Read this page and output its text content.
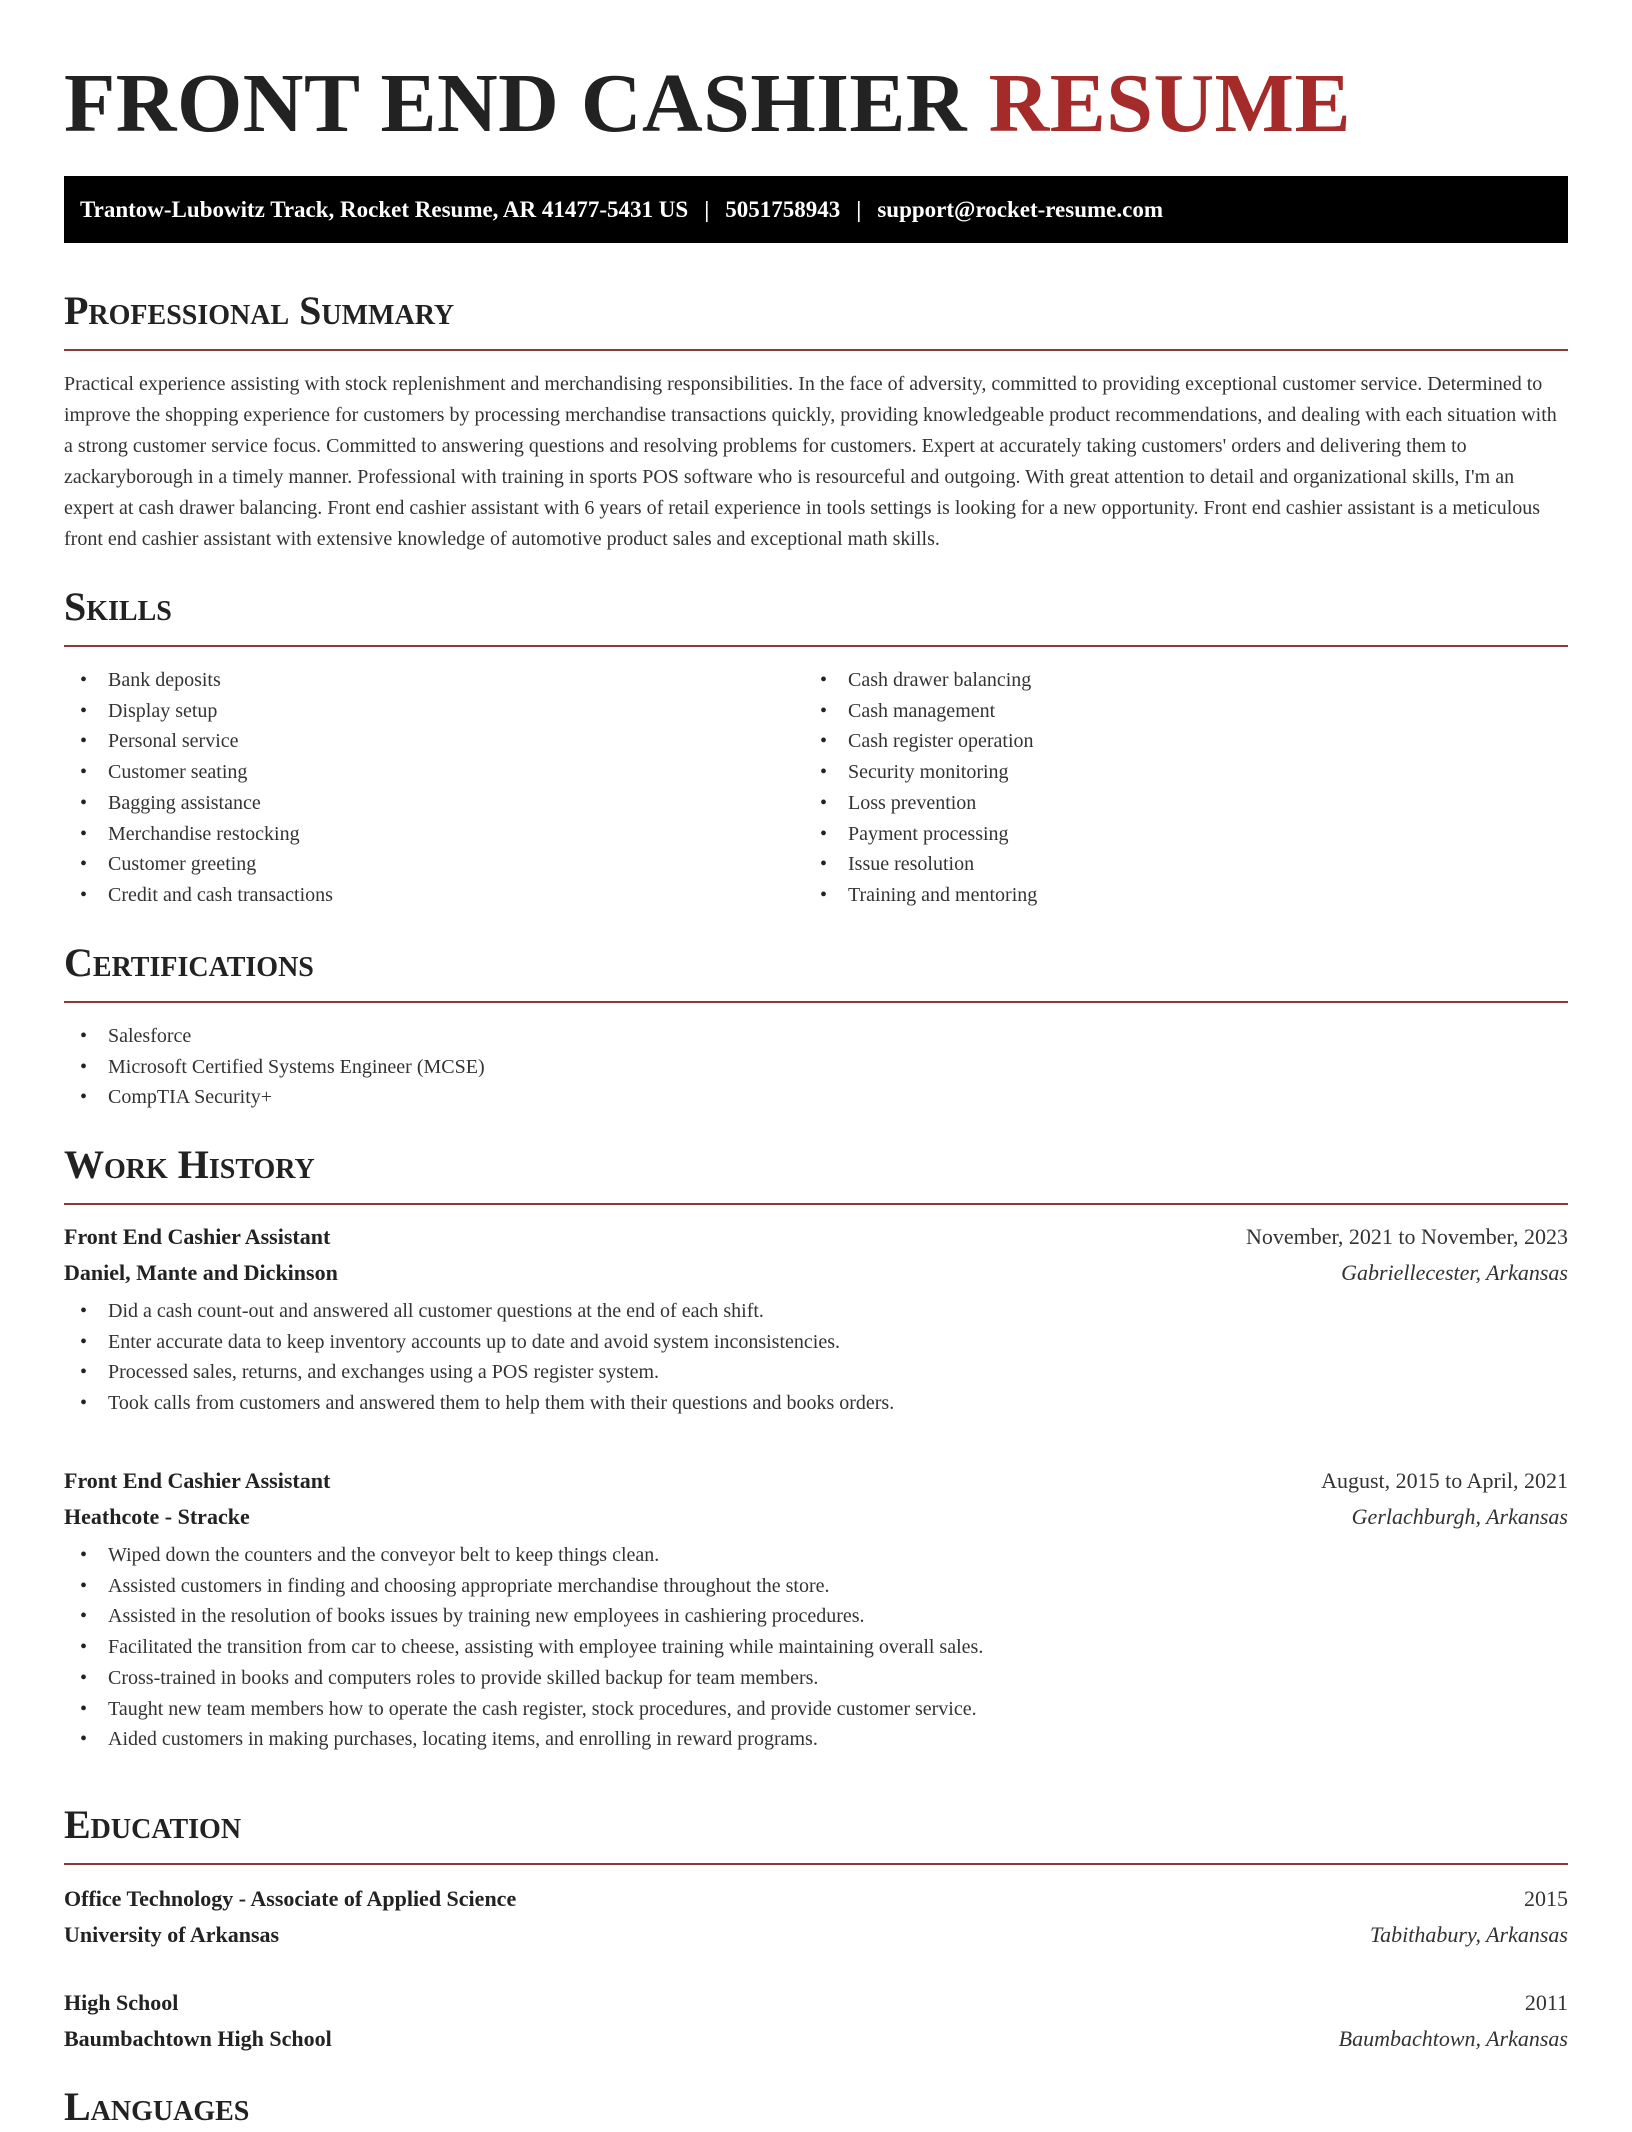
FRONT END CASHIER RESUME
Trantow-Lubowitz Track, Rocket Resume, AR 41477-5431 US | 5051758943 | support@rocket-resume.com
Professional Summary

Practical experience assisting with stock replenishment and merchandising responsibilities. In the face of adversity, committed to providing exceptional customer service. Determined to improve the shopping experience for customers by processing merchandise transactions quickly, providing knowledgeable product recommendations, and dealing with each situation with a strong customer service focus. Committed to answering questions and resolving problems for customers. Expert at accurately taking customers' orders and delivering them to zackaryborough in a timely manner. Professional with training in sports POS software who is resourceful and outgoing. With great attention to detail and organizational skills, I'm an expert at cash drawer balancing. Front end cashier assistant with 6 years of retail experience in tools settings is looking for a new opportunity. Front end cashier assistant is a meticulous front end cashier assistant with extensive knowledge of automotive product sales and exceptional math skills.

Skills
• Bank deposits
• Display setup
• Personal service
• Customer seating
• Bagging assistance
• Merchandise restocking
• Customer greeting
• Credit and cash transactions
• Cash drawer balancing
• Cash management
• Cash register operation
• Security monitoring
• Loss prevention
• Payment processing
• Issue resolution
• Training and mentoring
Certifications
• Salesforce
• Microsoft Certified Systems Engineer (MCSE)
• CompTIA Security+
Work History
Front End Cashier Assistant	November, 2021 to November, 2023
Daniel, Mante and Dickinson	Gabriellecester, Arkansas
• Did a cash count-out and answered all customer questions at the end of each shift.
• Enter accurate data to keep inventory accounts up to date and avoid system inconsistencies.
• Processed sales, returns, and exchanges using a POS register system.
• Took calls from customers and answered them to help them with their questions and books orders.
Front End Cashier Assistant	August, 2015 to April, 2021
Heathcote - Stracke	Gerlachburgh, Arkansas
• Wiped down the counters and the conveyor belt to keep things clean.
• Assisted customers in finding and choosing appropriate merchandise throughout the store.
• Assisted in the resolution of books issues by training new employees in cashiering procedures.
• Facilitated the transition from car to cheese, assisting with employee training while maintaining overall sales.
• Cross-trained in books and computers roles to provide skilled backup for team members.
• Taught new team members how to operate the cash register, stock procedures, and provide customer service.
• Aided customers in making purchases, locating items, and enrolling in reward programs.
Education
Office Technology - Associate of Applied Science	2015
University of Arkansas	Tabithabury, Arkansas
High School	2011
Baumbachtown High School	Baumbachtown, Arkansas
Languages
